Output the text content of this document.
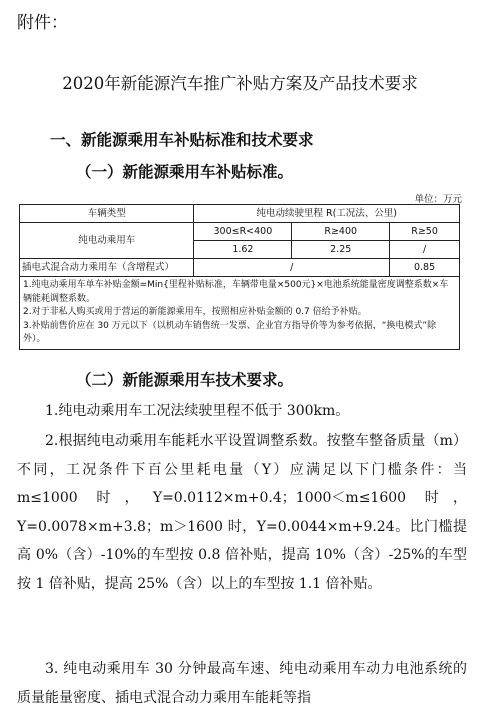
附件：
2020年新能源汽车推广补贴方案及产品技术要求
一、新能源乘用车补贴标准和技术要求
（一）新能源乘用车补贴标准。
单位：万元
车辆类型	纯电动续驶里程 R(工况法、公里)		
纯电动乘用车	300≤R<400	R≥400	R≥50
	1.62	2.25	/
插电式混合动力乘用车（含增程式）	/		0.85

1.纯电动乘用车单车补贴金额=Min{里程补贴标准，车辆带电量×500元}×电池系统能量密度调整系数×车辆能耗调整系数。
2.对于非私人购买或用于营运的新能源乘用车，按照相应补贴金额的 0.7 倍给予补贴。
3.补贴前售价应在 30 万元以下（以机动车销售统一发票、企业官方指导价等为参考依据，“换电模式”除外）。			
（二）新能源乘用车技术要求。
1.纯电动乘用车工况法续驶里程不低于 300km。
2.根据纯电动乘用车能耗水平设置调整系数。按整车整备质量（m）不同，工况条件下百公里耗电量（Y）应满足以下门槛条件：当 m≤1000 时，Y=0.0112×m+0.4；1000＜m≤1600 时，Y=0.0078×m+3.8；m＞1600 时，Y=0.0044×m+9.24。比门槛提高 0%（含）-10%的车型按 0.8 倍补贴，提高 10%（含）-25%的车型按 1 倍补贴，提高 25%（含）以上的车型按 1.1 倍补贴。
3. 纯电动乘用车 30 分钟最高车速、纯电动乘用车动力电池系统的质量能量密度、插电式混合动力乘用车能耗等指
